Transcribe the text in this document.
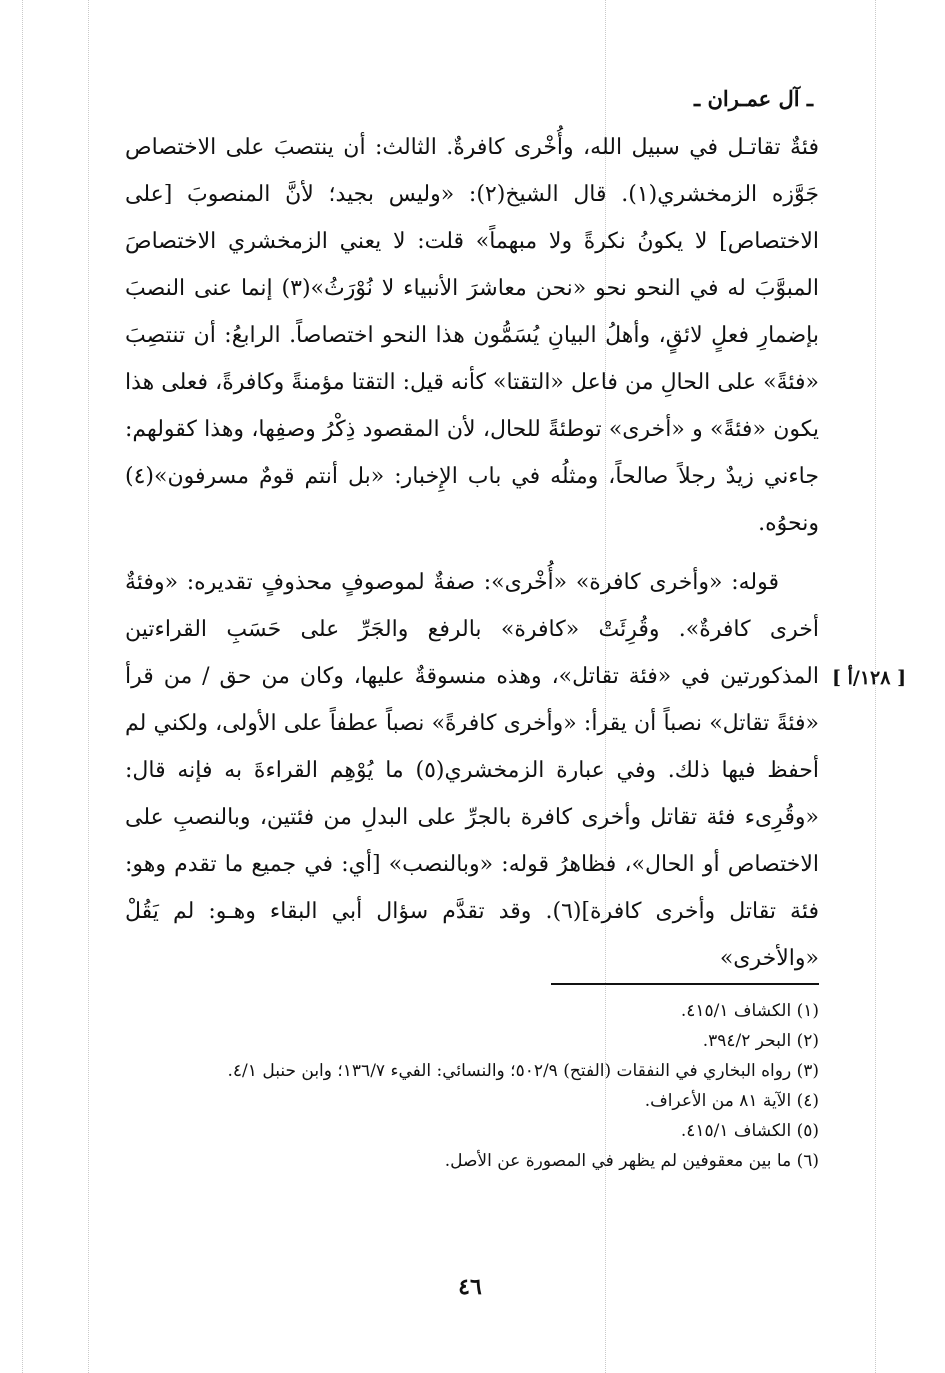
ـ آل عمـران ـ

فئةٌ تقاتـل في سبيل الله، وأُخْرى كافرةٌ. الثالث: أن ينتصبَ على الاختصاص جَوَّزه الزمخشري(١). قال الشيخ(٢): «وليس بجيد؛ لأنَّ المنصوبَ [على الاختصاص] لا يكونُ نكرةً ولا مبهماً» قلت: لا يعني الزمخشري الاختصاصَ المبوَّبَ له في النحو نحو «نحن معاشرَ الأنبياء لا نُوْرَثُ»(٣) إنما عنى النصبَ بإضمارِ فعلٍ لائقٍ، وأهلُ البيانِ يُسَمُّون هذا النحو اختصاصاً. الرابعُ: أن تنتصِبَ «فئةً» على الحالِ من فاعل «التقتا» كأنه قيل: التقتا مؤمنةً وكافرةً، فعلى هذا يكون «فئةً» و «أخرى» توطئةً للحال، لأن المقصود ذِكْرُ وصفِها، وهذا كقولهم: جاءني زيدٌ رجلاً صالحاً، ومثلُه في باب الإِخبار: «بل أنتم قومٌ مسرفون»(٤) ونحوُه.

قوله: «وأخرى كافرة» «أُخْرى»: صفةٌ لموصوفٍ محذوفٍ تقديره: «وفئةٌ أخرى كافرةٌ». وقُرِئَتْ «كافرة» بالرفع والجَرِّ على حَسَبِ القراءتين المذكورتين في «فئة تقاتل»، وهذه منسوقةٌ عليها، وكان من حق / من قرأ «فئةً تقاتل» نصباً أن يقرأ: «وأخرى كافرةً» نصباً عطفاً على الأولى، ولكني لم أحفظ فيها ذلك. وفي عبارة الزمخشري(٥) ما يُوْهِم القراءةَ به فإنه قال: «وقُرِىء فئة تقاتل وأخرى كافرة بالجرِّ على البدلِ من فئتين، وبالنصبِ على الاختصاص أو الحال»، فظاهرُ قوله: «وبالنصب» [أي: في جميع ما تقدم وهو: فئة تقاتل وأخرى كافرة](٦). وقد تقدَّم سؤال أبي البقاء وهـو: لم يَقُلْ «والأخرى»

[ ١٢٨/أ ]
(١) الكشاف ٤١٥/١.
(٢) البحر ٣٩٤/٢.
(٣) رواه البخاري في النفقات (الفتح) ٥٠٢/٩؛ والنسائي: الفيء ١٣٦/٧؛ وابن حنبل ٤/١.
(٤) الآية ٨١ من الأعراف.
(٥) الكشاف ٤١٥/١.
(٦) ما بين معقوفين لم يظهر في المصورة عن الأصل.
٤٦
